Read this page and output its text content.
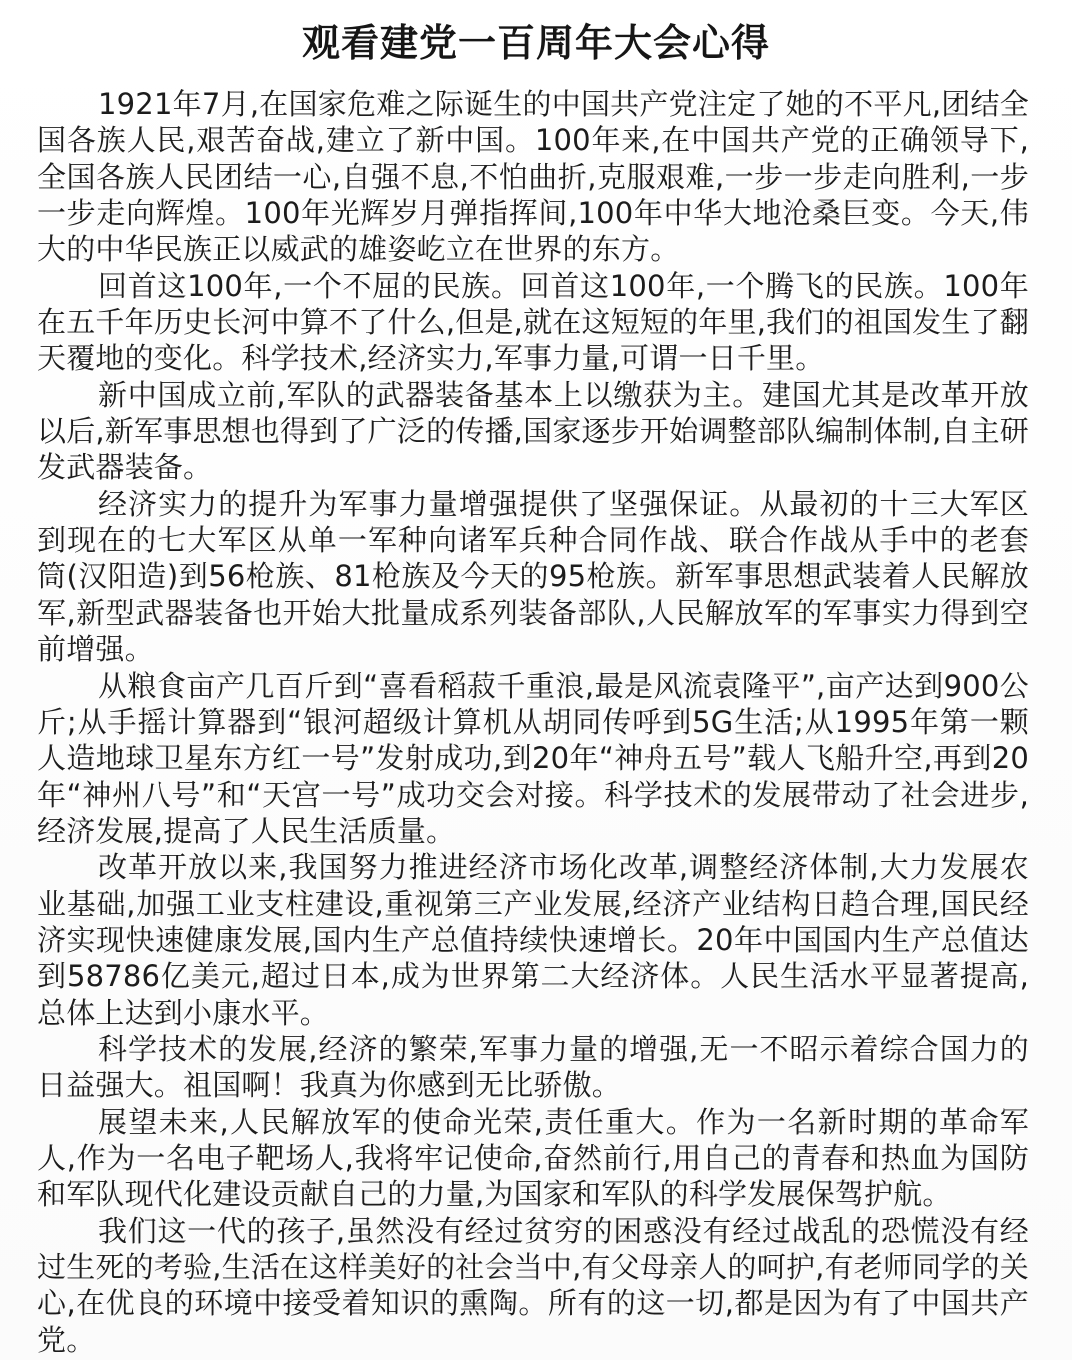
观看建党一百周年大会心得

1921年7月,在国家危难之际诞生的中国共产党注定了她的不平凡,团结全国各族人民,艰苦奋战,建立了新中国。100年来,在中国共产党的正确领导下,全国各族人民团结一心,自强不息,不怕曲折,克服艰难,一步一步走向胜利,一步一步走向辉煌。100年光辉岁月弹指挥间,100年中华大地沧桑巨变。今天,伟大的中华民族正以威武的雄姿屹立在世界的东方。

回首这100年,一个不屈的民族。回首这100年,一个腾飞的民族。100年在五千年历史长河中算不了什么,但是,就在这短短的年里,我们的祖国发生了翻天覆地的变化。科学技术,经济实力,军事力量,可谓一日千里。

新中国成立前,军队的武器装备基本上以缴获为主。建国尤其是改革开放以后,新军事思想也得到了广泛的传播,国家逐步开始调整部队编制体制,自主研发武器装备。

经济实力的提升为军事力量增强提供了坚强保证。从最初的十三大军区到现在的七大军区从单一军种向诸军兵种合同作战、联合作战从手中的老套筒(汉阳造)到56枪族、81枪族及今天的95枪族。新军事思想武装着人民解放军,新型武器装备也开始大批量成系列装备部队,人民解放军的军事实力得到空前增强。

从粮食亩产几百斤到“喜看稻菽千重浪,最是风流袁隆平”,亩产达到900公斤;从手摇计算器到“银河超级计算机从胡同传呼到5G生活;从1995年第一颗人造地球卫星东方红一号”发射成功,到20年“神舟五号”载人飞船升空,再到20年“神州八号”和“天宫一号”成功交会对接。科学技术的发展带动了社会进步,经济发展,提高了人民生活质量。

改革开放以来,我国努力推进经济市场化改革,调整经济体制,大力发展农业基础,加强工业支柱建设,重视第三产业发展,经济产业结构日趋合理,国民经济实现快速健康发展,国内生产总值持续快速增长。20年中国国内生产总值达到58786亿美元,超过日本,成为世界第二大经济体。人民生活水平显著提高,总体上达到小康水平。

科学技术的发展,经济的繁荣,军事力量的增强,无一不昭示着综合国力的日益强大。祖国啊！我真为你感到无比骄傲。

展望未来,人民解放军的使命光荣,责任重大。作为一名新时期的革命军人,作为一名电子靶场人,我将牢记使命,奋然前行,用自己的青春和热血为国防和军队现代化建设贡献自己的力量,为国家和军队的科学发展保驾护航。

我们这一代的孩子,虽然没有经过贫穷的困惑没有经过战乱的恐慌没有经过生死的考验,生活在这样美好的社会当中,有父母亲人的呵护,有老师同学的关心,在优良的环境中接受着知识的熏陶。所有的这一切,都是因为有了中国共产党。
